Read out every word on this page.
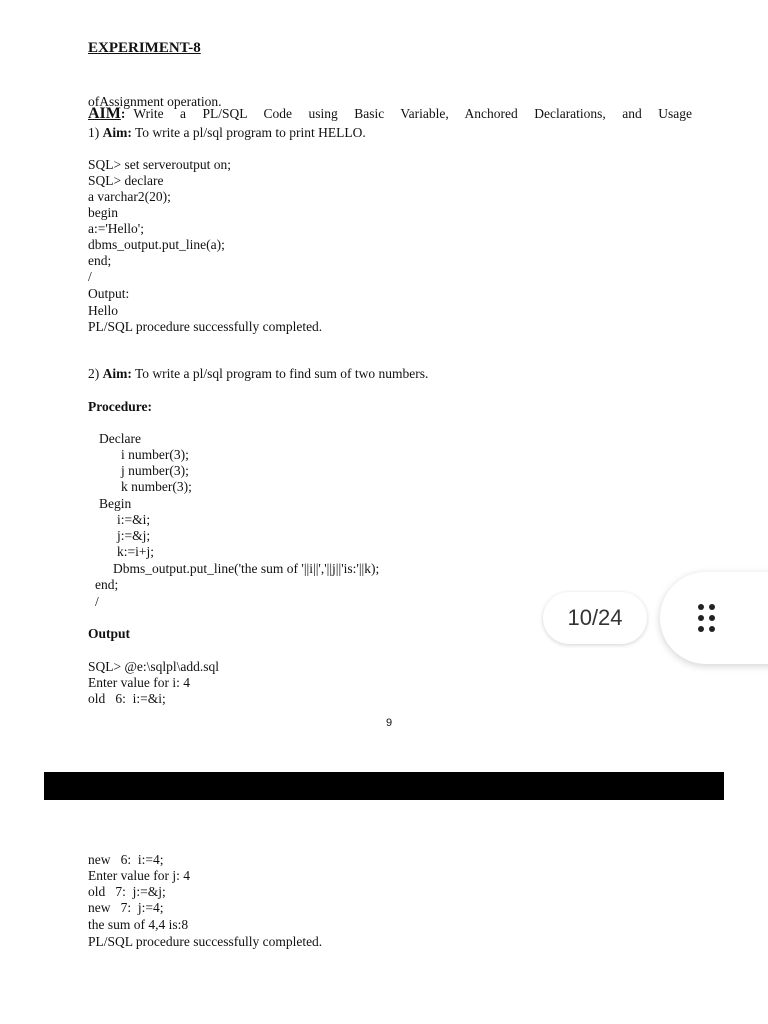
EXPERIMENT-8

AIM : Write a PL/SQL Code using Basic Variable, Anchored Declarations, and Usage

ofAssignment operation.
1) Aim: To write a pl/sql program to print HELLO.
SQL> set serveroutput on;
SQL> declare
a varchar2(20);
begin
a:='Hello';
dbms_output.put_line(a);
end;
/
Output:
Hello
PL/SQL procedure successfully completed.
2) Aim: To write a pl/sql program to find sum of two numbers.
Procedure:
Declare
i number(3);
j number(3);
k number(3);
Begin
i:=&i;
j:=&j;
k:=i+j;
Dbms_output.put_line('the sum of '||i||','||j||'is:'||k);
end;
/
Output
SQL> @e:\sqlpl\add.sql
Enter value for i: 4
old   6:  i:=&i;
9
new   6:  i:=4;
Enter value for j: 4
old   7:  j:=&j;
new   7:  j:=4;
the sum of 4,4 is:8
PL/SQL procedure successfully completed.
10/24
